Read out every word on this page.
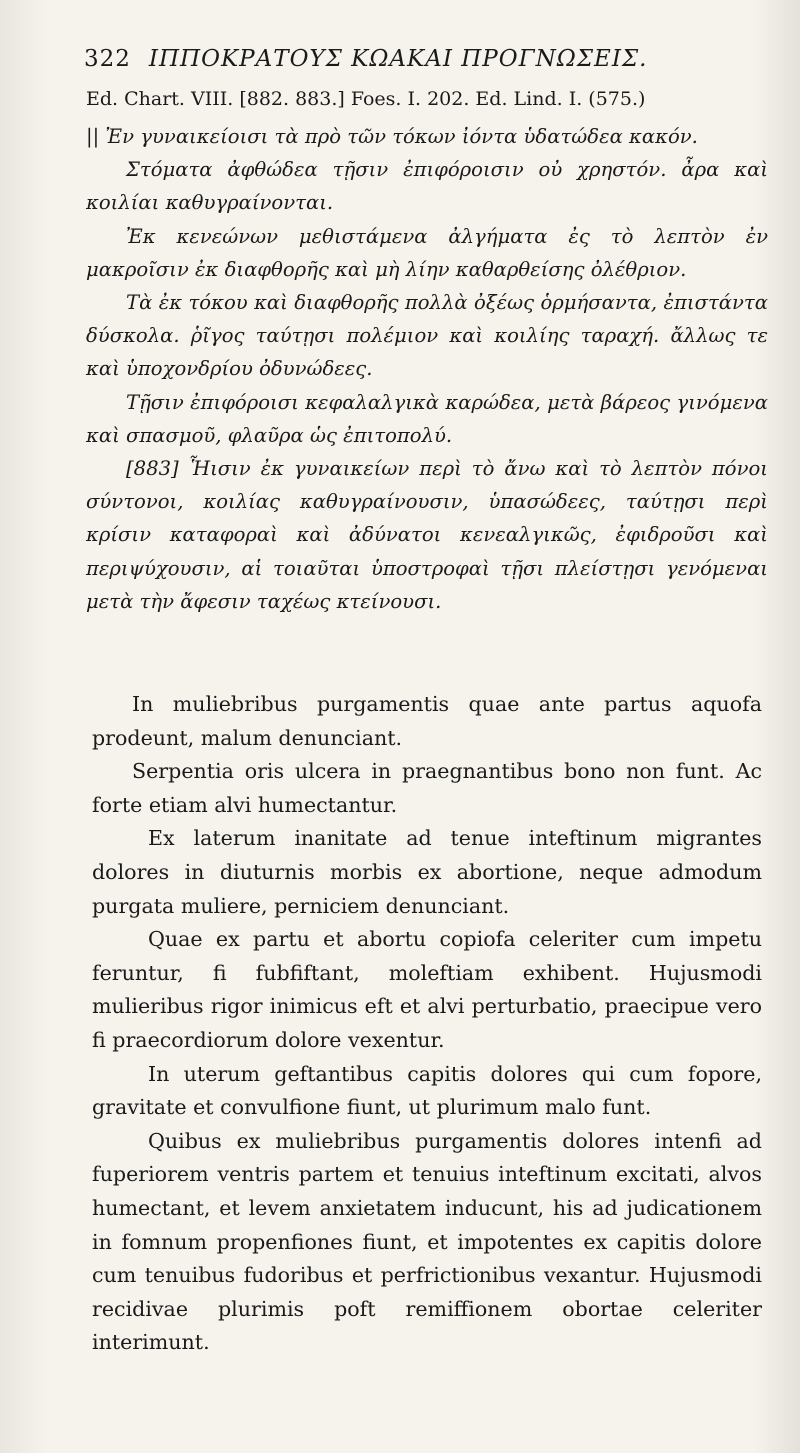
322 ΙΠΠΟΚΡΑΤΟΥΣ ΚΩΑΚΑΙ ΠΡΟΓΝΩΣΕΙΣ.
Ed. Chart. VIII. [882. 883.] Foes. I. 202. Ed. Lind. I. (575.)

|| Ἐν γυναικείοισι τὰ πρὸ τῶν τόκων ἰόντα ὑδατώδεα κακόν.

Στόματα ἀφθώδεα τῇσιν ἐπιφόροισιν οὐ χρηστόν. ἆρα καὶ κοιλίαι καθυγραίνονται.

Ἐκ κενεώνων μεθιστάμενα ἀλγήματα ἐς τὸ λεπτὸν ἐν μακροῖσιν ἐκ διαφθορῆς καὶ μὴ λίην καθαρθείσης ὀλέθριον.

Τὰ ἐκ τόκου καὶ διαφθορῆς πολλὰ ὀξέως ὁρμήσαντα, ἐπιστάντα δύσκολα. ῥῖγος ταύτῃσι πολέμιον καὶ κοιλίης ταραχή. ἄλλως τε καὶ ὑποχονδρίου ὀδυνώδεες.

Τῇσιν ἐπιφόροισι κεφαλαλγικὰ καρώδεα, μετὰ βάρεος γινόμενα καὶ σπασμοῦ, φλαῦρα ὡς ἐπιτοπολύ.

[883] Ἧισιν ἐκ γυναικείων περὶ τὸ ἄνω καὶ τὸ λεπτὸν πόνοι σύντονοι, κοιλίας καθυγραίνουσιν, ὑπασώδεες, ταύτῃσι περὶ κρίσιν καταφοραὶ καὶ ἀδύνατοι κενεαλγικῶς, ἐφιδροῦσι καὶ περιψύχουσιν, αἱ τοιαῦται ὑποστροφαὶ τῇσι πλείστῃσι γενόμεναι μετὰ τὴν ἄφεσιν ταχέως κτείνουσι.

In muliebribus purgamentis quae ante partus aquofa prodeunt, malum denunciant.

Serpentia oris ulcera in praegnantibus bono non funt. Ac forte etiam alvi humectantur.

Ex laterum inanitate ad tenue inteftinum migrantes dolores in diuturnis morbis ex abortione, neque admodum purgata muliere, perniciem denunciant.

Quae ex partu et abortu copiofa celeriter cum impetu feruntur, fi fubfiftant, moleftiam exhibent. Hujusmodi mulieribus rigor inimicus eft et alvi perturbatio, praecipue vero fi praecordiorum dolore vexentur.

In uterum geftantibus capitis dolores qui cum fopore, gravitate et convulfione fiunt, ut plurimum malo funt.

Quibus ex muliebribus purgamentis dolores intenfi ad fuperiorem ventris partem et tenuius inteftinum excitati, alvos humectant, et levem anxietatem inducunt, his ad judicationem in fomnum propenfiones fiunt, et impotentes ex capitis dolore cum tenuibus fudoribus et perfrictionibus vexantur. Hujusmodi recidivae plurimis poft remiffionem obortae celeriter interimunt.
